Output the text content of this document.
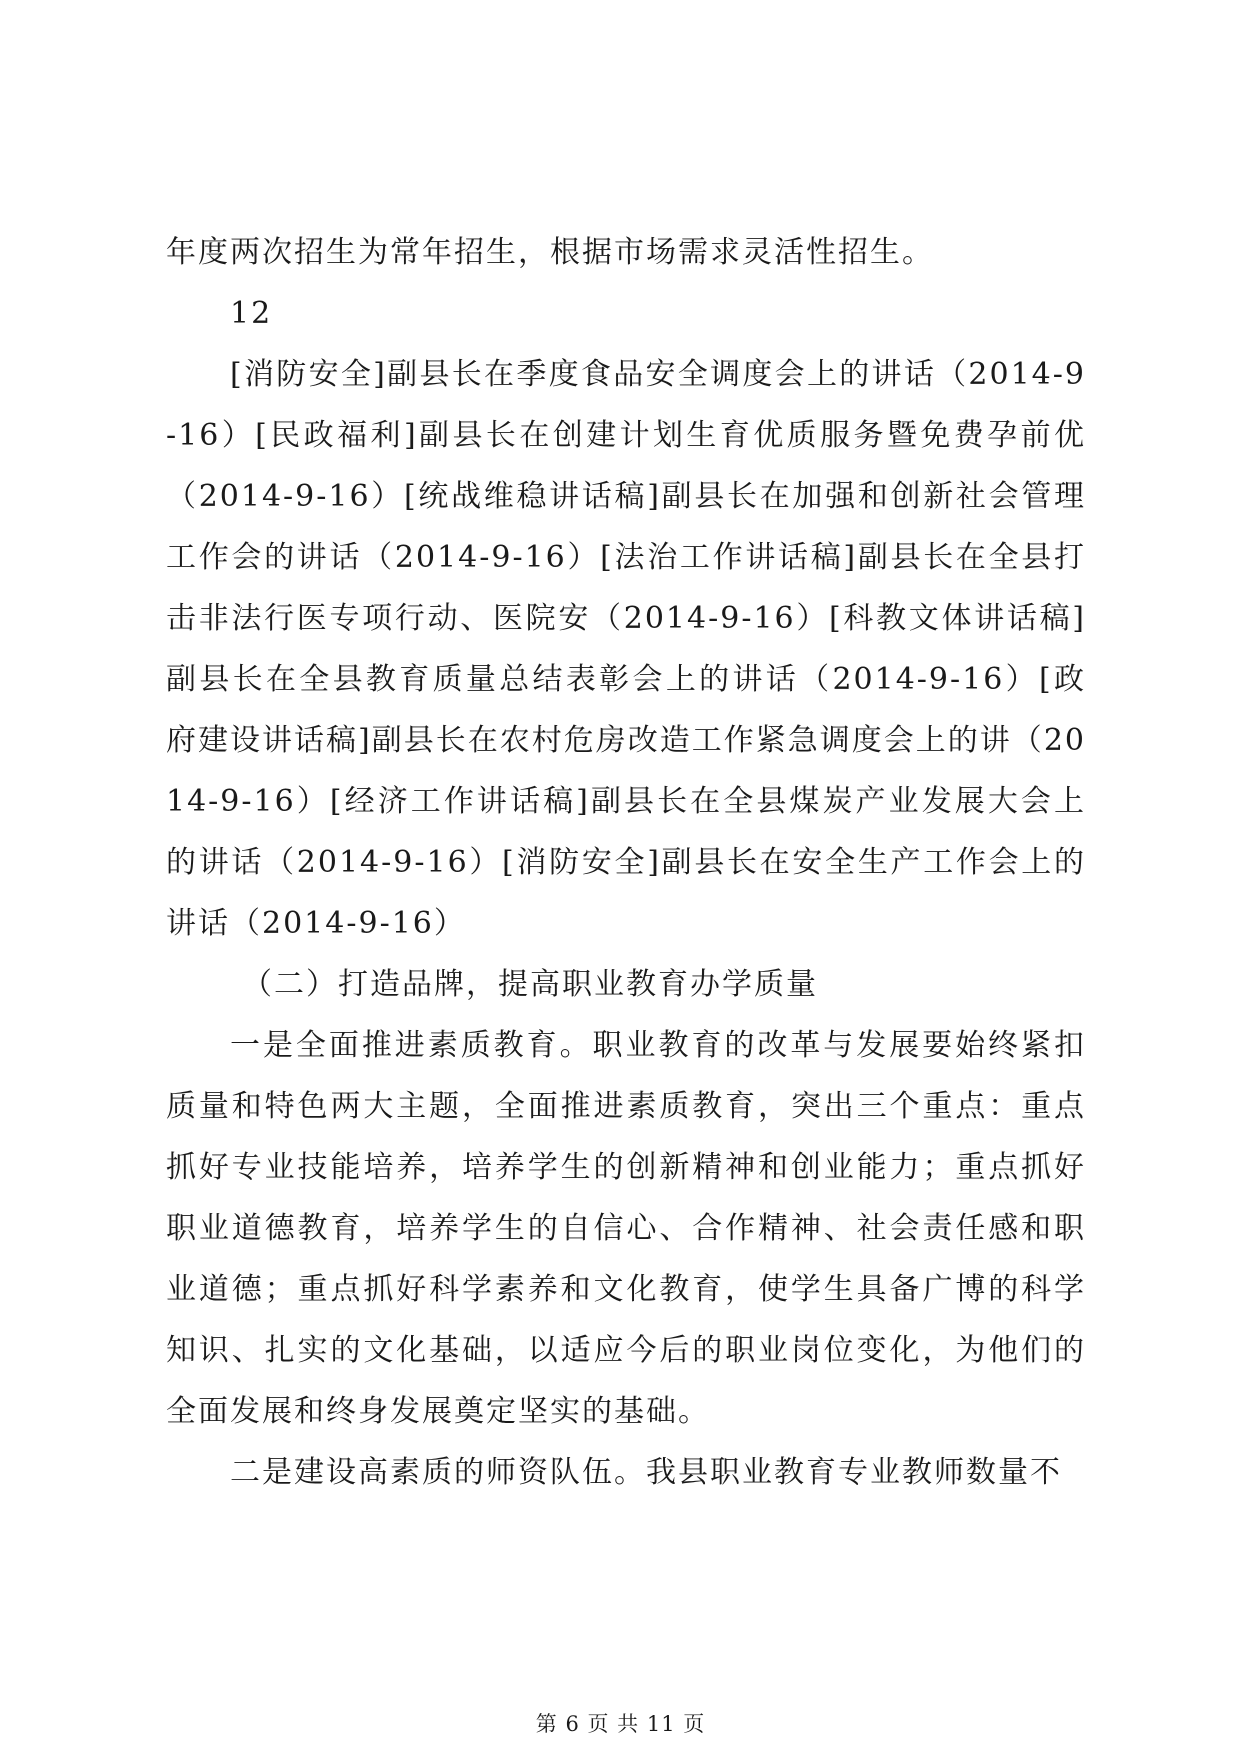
年度两次招生为常年招生，根据市场需求灵活性招生。

12

[消防安全]副县长在季度食品安全调度会上的讲话（2014-9-16）[民政福利]副县长在创建计划生育优质服务暨免费孕前优（2014-9-16）[统战维稳讲话稿]副县长在加强和创新社会管理工作会的讲话（2014-9-16）[法治工作讲话稿]副县长在全县打击非法行医专项行动、医院安（2014-9-16）[科教文体讲话稿]副县长在全县教育质量总结表彰会上的讲话（2014-9-16）[政府建设讲话稿]副县长在农村危房改造工作紧急调度会上的讲（2014-9-16）[经济工作讲话稿]副县长在全县煤炭产业发展大会上的讲话（2014-9-16）[消防安全]副县长在安全生产工作会上的讲话（2014-9-16）

（二）打造品牌，提高职业教育办学质量

一是全面推进素质教育。职业教育的改革与发展要始终紧扣质量和特色两大主题，全面推进素质教育，突出三个重点：重点抓好专业技能培养，培养学生的创新精神和创业能力；重点抓好职业道德教育，培养学生的自信心、合作精神、社会责任感和职业道德；重点抓好科学素养和文化教育，使学生具备广博的科学知识、扎实的文化基础，以适应今后的职业岗位变化，为他们的全面发展和终身发展奠定坚实的基础。

二是建设高素质的师资队伍。我县职业教育专业教师数量不

第 6 页 共 11 页
